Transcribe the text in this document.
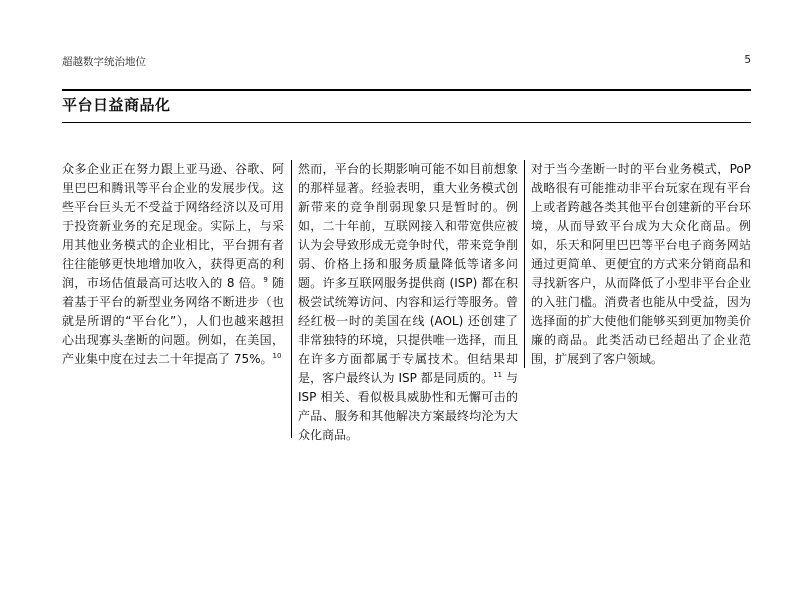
超越数字统治地位	5
平台日益商品化
众多企业正在努力跟上亚马逊、谷歌、阿里巴巴和腾讯等平台企业的发展步伐。这些平台巨头无不受益于网络经济以及可用于投资新业务的充足现金。实际上，与采用其他业务模式的企业相比，平台拥有者往往能够更快地增加收入，获得更高的利润，市场估值最高可达收入的 8 倍。$^9$ 随着基于平台的新型业务网络不断进步（也就是所谓的“平台化”），人们也越来越担心出现寡头垄断的问题。例如，在美国，产业集中度在过去二十年提高了 75%。$^{10}$
然而，平台的长期影响可能不如目前想象的那样显著。经验表明，重大业务模式创新带来的竞争削弱现象只是暂时的。例如，二十年前，互联网接入和带宽供应被认为会导致形成无竞争时代，带来竞争削弱、价格上扬和服务质量降低等诸多问题。许多互联网服务提供商 (ISP) 都在积极尝试统筹访问、内容和运行等服务。曾经红极一时的美国在线 (AOL) 还创建了非常独特的环境，只提供唯一选择，而且在许多方面都属于专属技术。但结果却是，客户最终认为 ISP 都是同质的。$^{11}$ 与 ISP 相关、看似极具威胁性和无懈可击的产品、服务和其他解决方案最终均沦为大众化商品。
对于当今垄断一时的平台业务模式，PoP 战略很有可能推动非平台玩家在现有平台上或者跨越各类其他平台创建新的平台环境，从而导致平台成为大众化商品。例如，乐天和阿里巴巴等平台电子商务网站通过更简单、更便宜的方式来分销商品和寻找新客户，从而降低了小型非平台企业的入驻门槛。消费者也能从中受益，因为选择面的扩大使他们能够买到更加物美价廉的商品。此类活动已经超出了企业范围，扩展到了客户领域。
